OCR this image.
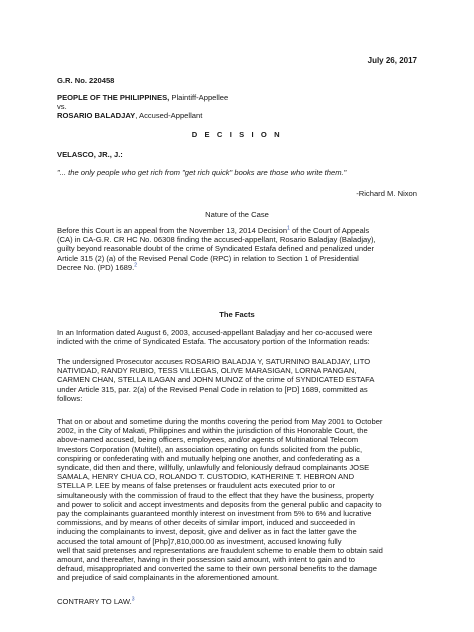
July 26, 2017
G.R. No. 220458
PEOPLE OF THE PHILIPPINES, Plaintiff-Appellee
vs.
ROSARIO BALADJAY, Accused-Appellant
D E C I S I O N
VELASCO, JR., J.:
"... the only people who get rich from "get rich quick" books are those who write them."
-Richard M. Nixon
Nature of the Case
Before this Court is an appeal from the November 13, 2014 Decision$^1$ of the Court of Appeals
(CA) in CA-G.R. CR HC No. 06308 finding the accused-appellant, Rosario Baladjay (Baladjay),
guilty beyond reasonable doubt of the crime of Syndicated Estafa defined and penalized under
Article 315 (2) (a) of the Revised Penal Code (RPC) in relation to Section 1 of Presidential
Decree No. (PD) 1689.$^2$
The Facts
In an Information dated August 6, 2003, accused-appellant Baladjay and her co-accused were
indicted with the crime of Syndicated Estafa. The accusatory portion of the Information reads:
The undersigned Prosecutor accuses ROSARIO BALADJA Y, SATURNINO BALADJAY, LITO
NATIVIDAD, RANDY RUBIO, TESS VILLEGAS, OLIVE MARASIGAN, LORNA PANGAN,
CARMEN CHAN, STELLA ILAGAN and JOHN MUNOZ of the crime of SYNDICATED ESTAFA
under Article 315, par. 2(a) of the Revised Penal Code in relation to [PD] 1689, committed as
follows:
That on or about and sometime during the months covering the period from May 2001 to October
2002, in the City of Makati, Philippines and within the jurisdiction of this Honorable Court, the
above-named accused, being officers, employees, and/or agents of Multinational Telecom
Investors Corporation (Multitel), an association operating on funds solicited from the public,
conspiring or confederating with and mutually helping one another, and confederating as a
syndicate, did then and there, willfully, unlawfully and feloniously defraud complainants JOSE
SAMALA, HENRY CHUA CO, ROLANDO T. CUSTODIO, KATHERINE T. HEBRON AND
STELLA P. LEE by means of false pretenses or fraudulent acts executed prior to or
simultaneously with the commission of fraud to the effect that they have the business, property
and power to solicit and accept investments and deposits from the general public and capacity to
pay the complainants guaranteed monthly interest on investment from 5% to 6% and lucrative
commissions, and by means of other deceits of similar import, induced and succeeded in
inducing the complainants to invest, deposit, give and deliver as in fact the latter gave the
accused the total amount of [Php]7,810,000.00 as investment, accused knowing fully
well that said pretenses and representations are fraudulent scheme to enable them to obtain said
amount, and thereafter, having in their possession said amount, with intent to gain and to
defraud, misappropriated and converted the same to their own personal benefits to the damage
and prejudice of said complainants in the aforementioned amount.
CONTRARY TO LAW.$^3$
